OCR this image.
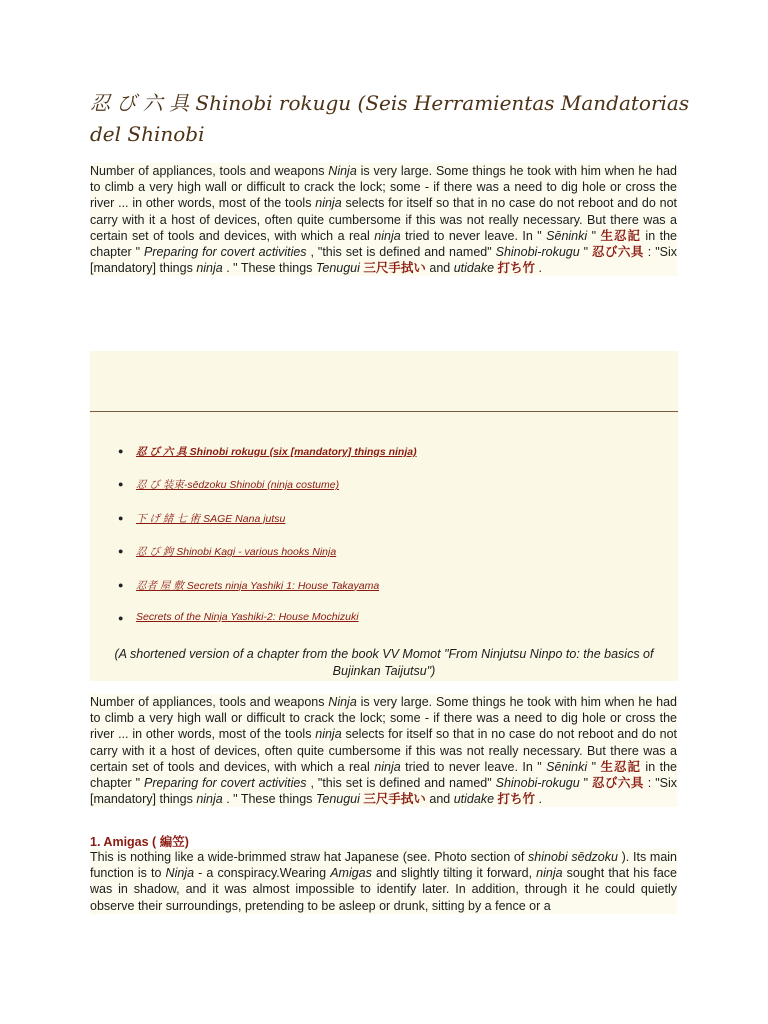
忍 び 六 具 Shinobi rokugu (Seis Herramientas Mandatorias del Shinobi

Number of appliances, tools and weapons Ninja is very large. Some things he took with him when he had to climb a very high wall or difficult to crack the lock; some - if there was a need to dig hole or cross the river ... in other words, most of the tools ninja selects for itself so that in no case do not reboot and do not carry with it a host of devices, often quite cumbersome if this was not really necessary. But there was a certain set of tools and devices, with which a real ninja tried to never leave. In " Sēninki " 生忍記 in the chapter " Preparing for covert activities , "this set is defined and named" Shinobi-rokugu " 忍び六具 : "Six [mandatory] things ninja . " These things Tenugui 三尺手拭い and utidake 打ち竹 .

● 忍 び 六 具 Shinobi rokugu (six [mandatory] things ninja)
● 忍 び 装束-sēdzoku Shinobi (ninja costume)
● 下 げ 緒 七 術 SAGE Nana jutsu
● 忍 び 鉤 Shinobi Kagi - various hooks Ninja
● 忍者 屋 敷 Secrets ninja Yashiki 1: House Takayama
● Secrets of the Ninja Yashiki-2: House Mochizuki

(A shortened version of a chapter from the book VV Momot "From Ninjutsu Ninpo to: the basics of Bujinkan Taijutsu")

Number of appliances, tools and weapons Ninja is very large. Some things he took with him when he had to climb a very high wall or difficult to crack the lock; some - if there was a need to dig hole or cross the river ... in other words, most of the tools ninja selects for itself so that in no case do not reboot and do not carry with it a host of devices, often quite cumbersome if this was not really necessary. But there was a certain set of tools and devices, with which a real ninja tried to never leave. In " Sēninki " 生忍記 in the chapter " Preparing for covert activities , "this set is defined and named" Shinobi-rokugu " 忍び六具 : "Six [mandatory] things ninja . " These things Tenugui 三尺手拭い and utidake 打ち竹 .

1. Amigas ( 編笠)

This is nothing like a wide-brimmed straw hat Japanese (see. Photo section of shinobi sēdzoku ). Its main function is to Ninja - a conspiracy.Wearing Amigas and slightly tilting it forward, ninja sought that his face was in shadow, and it was almost impossible to identify later. In addition, through it he could quietly observe their surroundings, pretending to be asleep or drunk, sitting by a fence or a
